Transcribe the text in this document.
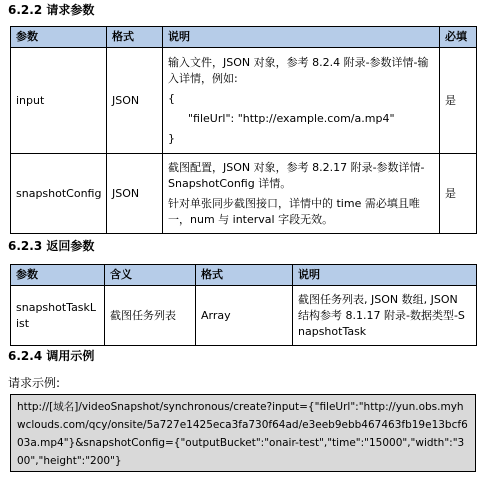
6.2.2 请求参数
参数	格式	说明	必填
input	JSON	输入文件，JSON 对象，参考 8.2.4 附录-参数详情-输入详情，例如:

{

"fileUrl": "http://example.com/a.mp4"

}	是
snapshotConfig	JSON	截图配置，JSON 对象，参考 8.2.17 附录-参数详情-SnapshotConfig 详情。

针对单张同步截图接口，详情中的 time 需必填且唯一，num 与 interval 字段无效。	是
6.2.3 返回参数
参数	含义	格式	说明
snapshotTaskList	截图任务列表	Array	截图任务列表, JSON 数组, JSON 结构参考 8.1.17 附录-数据类型-SnapshotTask
6.2.4 调用示例
请求示例:
http://[域名]/videoSnapshot/synchronous/create?input={"fileUrl":"http://yun.obs.myhwclouds.com/qcy/onsite/5a727e1425eca3fa730f64ad/e3eeb9ebb467463fb19e13bcf603a.mp4"}&snapshotConfig={"outputBucket":"onair-test","time":"15000","width":"300","height":"200"}
